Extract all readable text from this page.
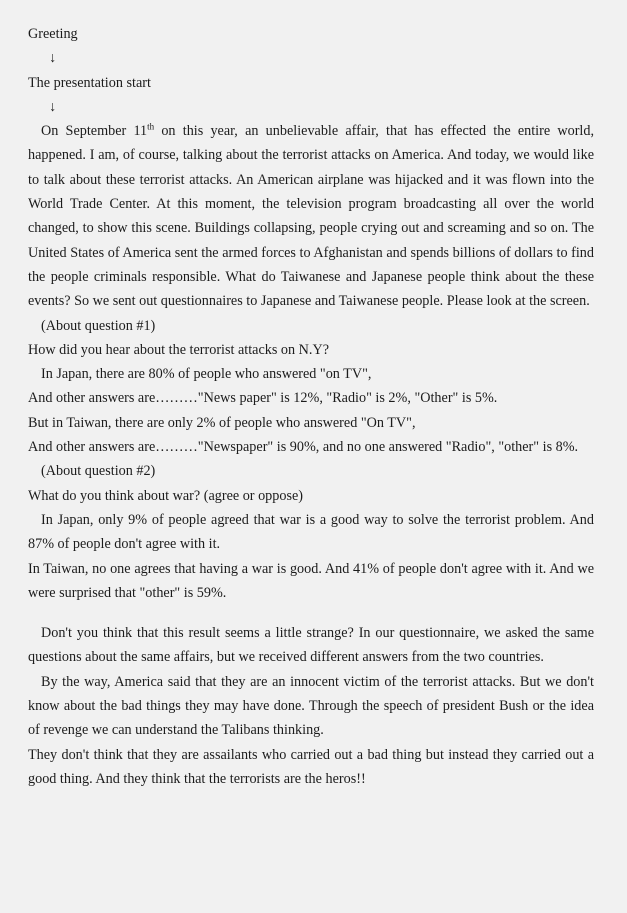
Greeting

↓

The presentation start

↓

On September 11th on this year, an unbelievable affair, that has effected the entire world, happened. I am, of course, talking about the terrorist attacks on America. And today, we would like to talk about these terrorist attacks. An American airplane was hijacked and it was flown into the World Trade Center. At this moment, the television program broadcasting all over the world changed, to show this scene. Buildings collapsing, people crying out and screaming and so on. The United States of America sent the armed forces to Afghanistan and spends billions of dollars to find the people criminals responsible. What do Taiwanese and Japanese people think about the these events? So we sent out questionnaires to Japanese and Taiwanese people. Please look at the screen.

(About question #1)

How did you hear about the terrorist attacks on N.Y?

In Japan, there are 80% of people who answered "on TV",

And other answers are………"News paper" is 12%, "Radio" is 2%, "Other" is 5%.

But in Taiwan, there are only 2% of people who answered "On TV",

And other answers are………"Newspaper" is 90%, and no one answered "Radio", "other" is 8%.

(About question #2)

What do you think about war? (agree or oppose)

In Japan, only 9% of people agreed that war is a good way to solve the terrorist problem. And 87% of people don't agree with it.

In Taiwan, no one agrees that having a war is good. And 41% of people don't agree with it. And we were surprised that "other" is 59%.

Don't you think that this result seems a little strange? In our questionnaire, we asked the same questions about the same affairs, but we received different answers from the two countries.

By the way, America said that they are an innocent victim of the terrorist attacks. But we don't know about the bad things they may have done. Through the speech of president Bush or the idea of revenge we can understand the Talibans thinking.

They don't think that they are assailants who carried out a bad thing but instead they carried out a good thing. And they think that the terrorists are the heros!!
